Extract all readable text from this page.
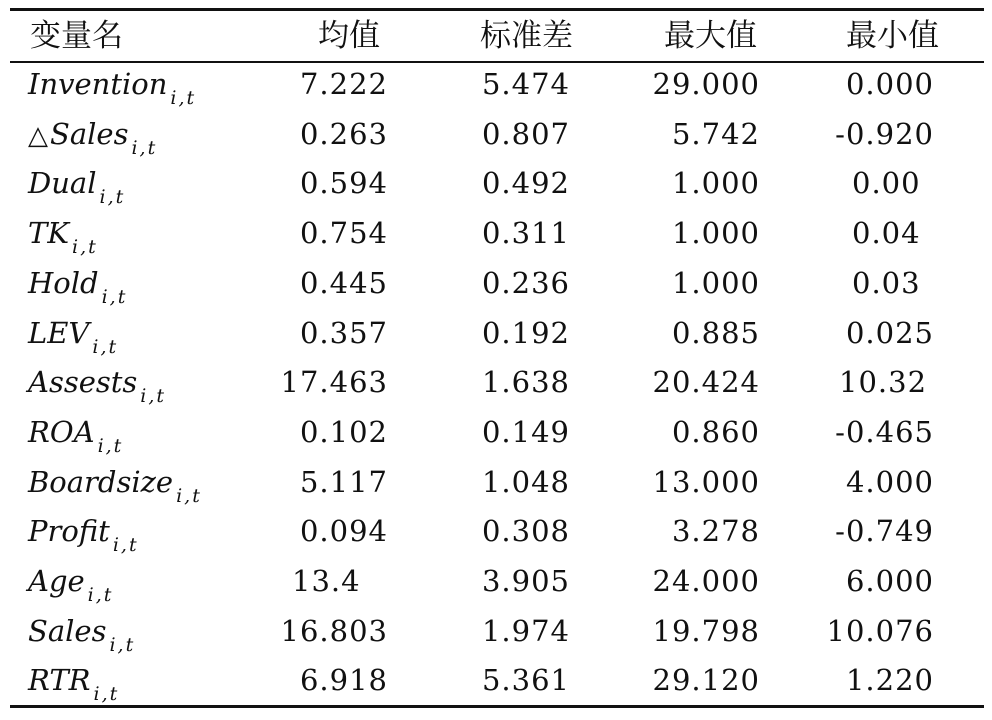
变量名	均值	标准差	最大值	最小值
Invention $_{i,t}$	7.222	5.474	29.000	0.000
△Sales $_{i,t}$	0.263	0.807	5.742	-0.920
Dual $_{i,t}$	0.594	0.492	1.000	0.00
TK $_{i,t}$	0.754	0.311	1.000	0.04
Hold $_{i,t}$	0.445	0.236	1.000	0.03
LEV $_{i,t}$	0.357	0.192	0.885	0.025
Assests $_{i,t}$	17.463	1.638	20.424	10.32
ROA $_{i,t}$	0.102	0.149	0.860	-0.465
Boardsize $_{i,t}$	5.117	1.048	13.000	4.000
Profit $_{i,t}$	0.094	0.308	3.278	-0.749
Age $_{i,t}$	13.4	3.905	24.000	6.000
Sales $_{i,t}$	16.803	1.974	19.798 10.076
RTR $_{i,t}$	6.918	5.361	29.120	1.220
